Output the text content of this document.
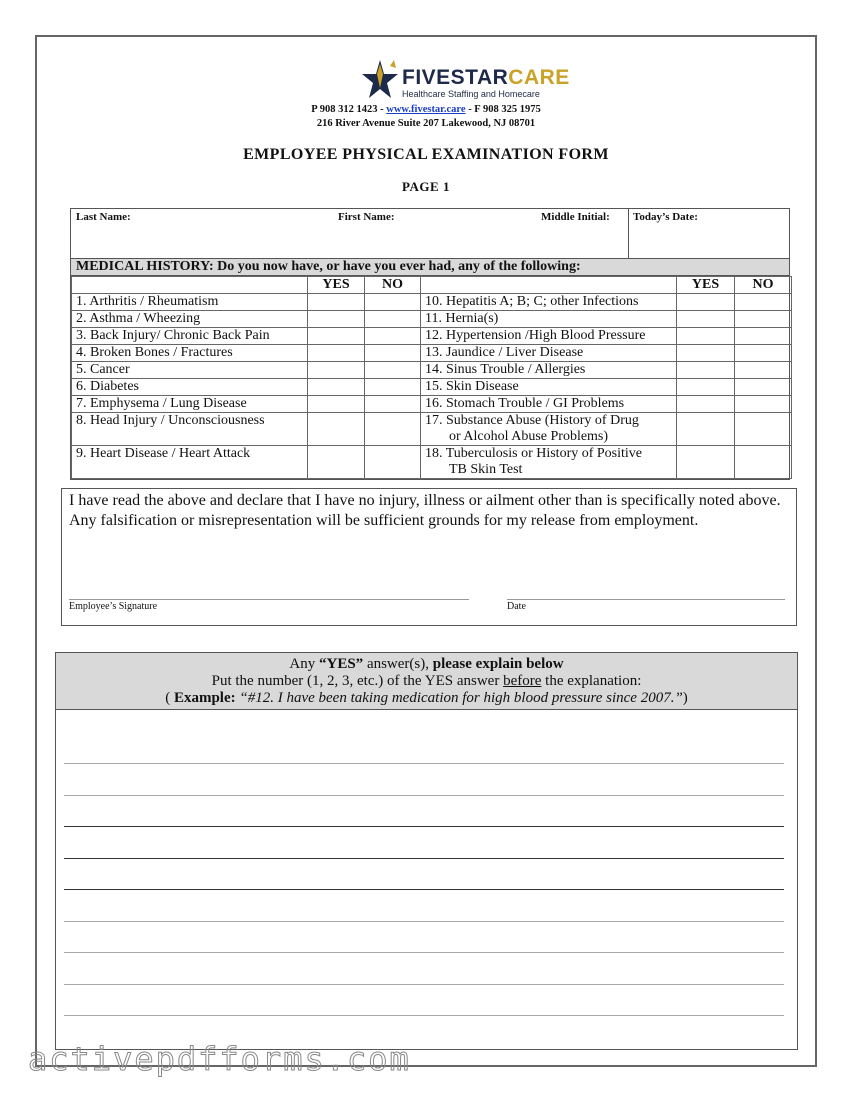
FIVESTARCARE
Healthcare Staffing and Homecare
P 908 312 1423 - www.fivestar.care - F 908 325 1975
216 River Avenue Suite 207 Lakewood, NJ 08701
EMPLOYEE PHYSICAL EXAMINATION FORM
PAGE 1
Last Name:	First Name:	Middle Initial: Today’s Date:
MEDICAL HISTORY: Do you now have, or have you ever had, any of the following:
	YES	NO		YES	NO

1. Arthritis / Rheumatism			10. Hepatitis A; B; C; other Infections		

2. Asthma / Wheezing			11. Hernia(s)		

3. Back Injury/ Chronic Back Pain			12. Hypertension /High Blood Pressure		

4. Broken Bones / Fractures			13. Jaundice / Liver Disease		

5. Cancer			14. Sinus Trouble / Allergies		

6. Diabetes			15. Skin Disease		

7. Emphysema / Lung Disease			16. Stomach Trouble / GI Problems		

8. Head Injury / Unconsciousness			17. Substance Abuse (History of Drug
or Alcohol Abuse Problems)		

9. Heart Disease / Heart Attack			18. Tuberculosis or History of Positive
TB Skin Test		

I have read the above and declare that I have no injury, illness or ailment other than is specifically noted above. Any falsification or misrepresentation will be sufficient grounds for my release from employment.
Employee’s Signature	Date
Any “YES” answer(s), please explain below
Put the number (1, 2, 3, etc.) of the YES answer before the explanation:
( Example: “#12. I have been taking medication for high blood pressure since 2007.”)
activepdfforms.com
